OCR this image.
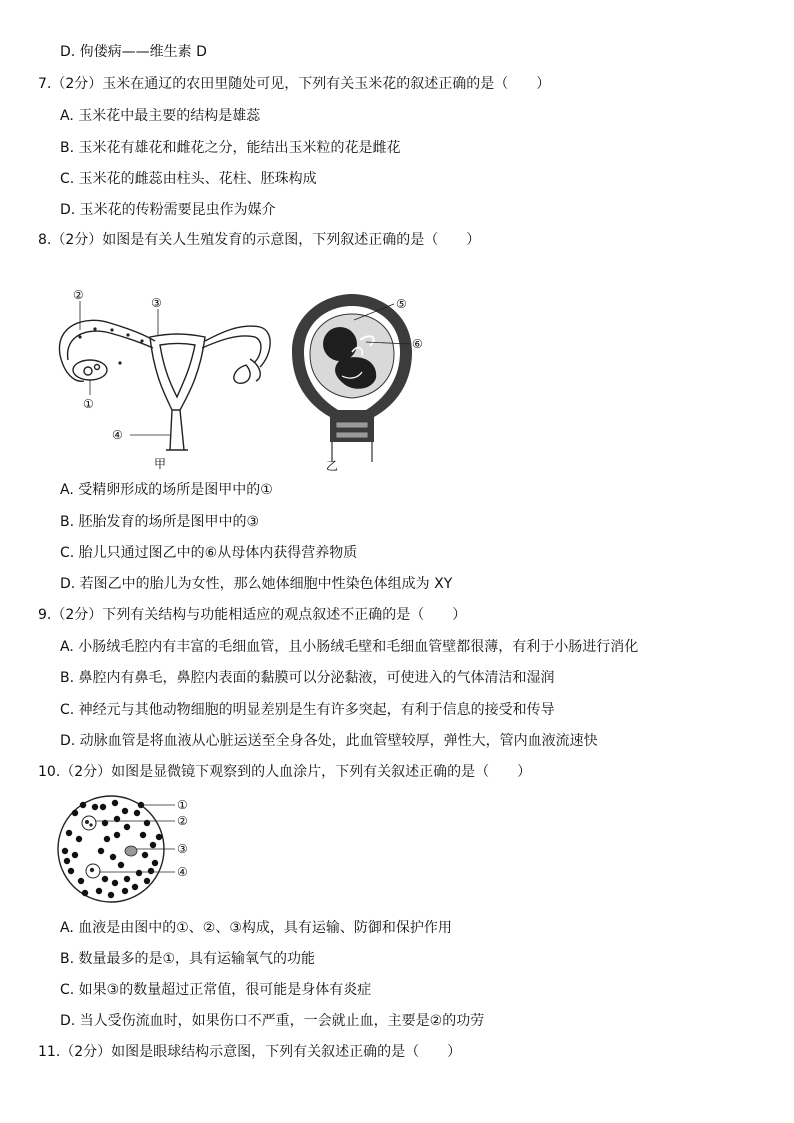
D. 佝偻病——维生素 D
7.（2分）玉米在通辽的农田里随处可见，下列有关玉米花的叙述正确的是（　　）
A. 玉米花中最主要的结构是雄蕊
B. 玉米花有雄花和雌花之分，能结出玉米粒的花是雌花
C. 玉米花的雌蕊由柱头、花柱、胚珠构成
D. 玉米花的传粉需要昆虫作为媒介
8.（2分）如图是有关人生殖发育的示意图，下列叙述正确的是（　　）
②
③
①
④
甲
⑤
⑥
乙
A. 受精卵形成的场所是图甲中的①
B. 胚胎发育的场所是图甲中的③
C. 胎儿只通过图乙中的⑥从母体内获得营养物质
D. 若图乙中的胎儿为女性，那么她体细胞中性染色体组成为 XY
9.（2分）下列有关结构与功能相适应的观点叙述不正确的是（　　）
A. 小肠绒毛腔内有丰富的毛细血管，且小肠绒毛壁和毛细血管壁都很薄，有利于小肠进行消化
B. 鼻腔内有鼻毛，鼻腔内表面的黏膜可以分泌黏液，可使进入的气体清洁和湿润
C. 神经元与其他动物细胞的明显差别是生有许多突起，有利于信息的接受和传导
D. 动脉血管是将血液从心脏运送至全身各处，此血管壁较厚，弹性大，管内血液流速快
10.（2分）如图是显微镜下观察到的人血涂片，下列有关叙述正确的是（　　）
①
②
③
④
A. 血液是由图中的①、②、③构成，具有运输、防御和保护作用
B. 数量最多的是①，具有运输氧气的功能
C. 如果③的数量超过正常值，很可能是身体有炎症
D. 当人受伤流血时，如果伤口不严重，一会就止血，主要是②的功劳
11.（2分）如图是眼球结构示意图，下列有关叙述正确的是（　　）
